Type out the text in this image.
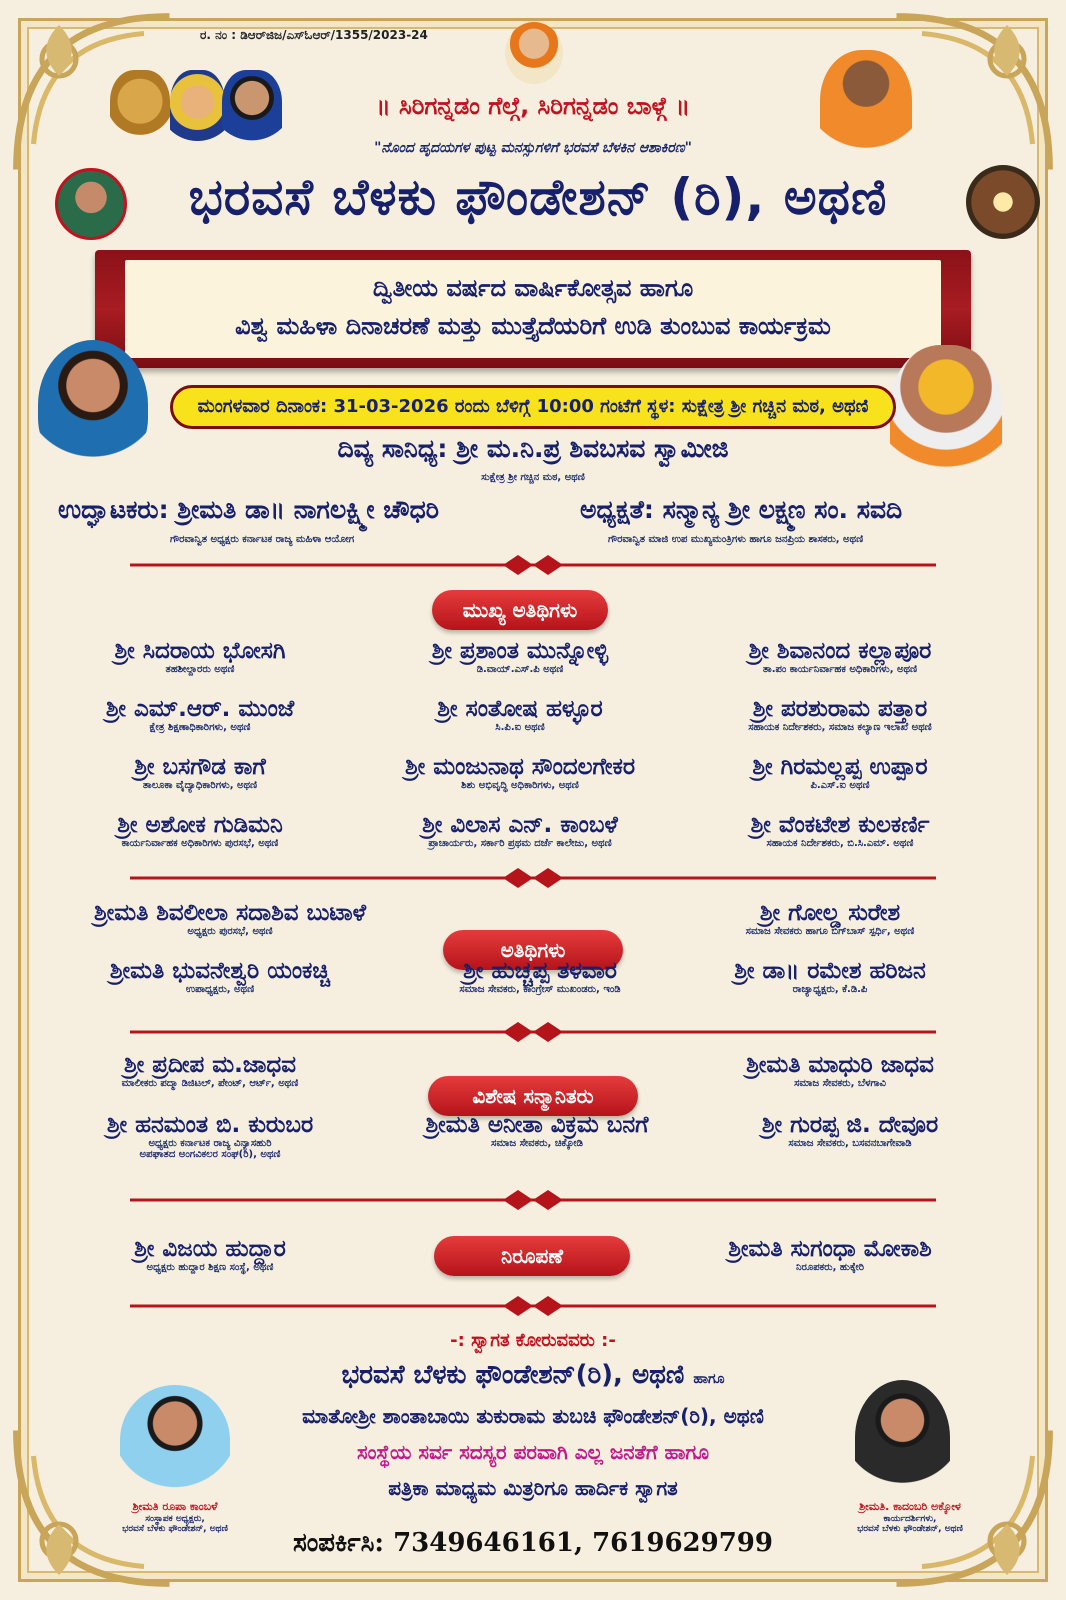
ರ. ನಂ : ಡಿಆರ್‌ಜಿಜ/ಎಸ್‌ಓಆರ್/1355/2023-24
॥ ಸಿರಿಗನ್ನಡಂ ಗೆಲ್ಗೆ, ಸಿರಿಗನ್ನಡಂ ಬಾಳ್ಗೆ ॥
"ನೊಂದ ಹೃದಯಗಳ ಪುಟ್ಟ ಮನಸ್ಸುಗಳಿಗೆ ಭರವಸೆ ಬೆಳಕಿನ ಆಶಾಕಿರಣ"
ಭರವಸೆ ಬೆಳಕು ಫೌಂಡೇಶನ್ (ರಿ), ಅಥಣಿ
ದ್ವಿತೀಯ ವರ್ಷದ ವಾರ್ಷಿಕೋತ್ಸವ ಹಾಗೂ
ವಿಶ್ವ ಮಹಿಳಾ ದಿನಾಚರಣೆ ಮತ್ತು ಮುತ್ತೈದೆಯರಿಗೆ ಉಡಿ ತುಂಬುವ ಕಾರ್ಯಕ್ರಮ
ಮಂಗಳವಾರ ದಿನಾಂಕ: 31-03-2026 ರಂದು ಬೆಳಿಗ್ಗೆ 10:00 ಗಂಟೆಗೆ ಸ್ಥಳ: ಸುಕ್ಷೇತ್ರ ಶ್ರೀ ಗಚ್ಚಿನ ಮಠ, ಅಥಣಿ
ದಿವ್ಯ ಸಾನಿಧ್ಯ: ಶ್ರೀ ಮ.ನಿ.ಪ್ರ ಶಿವಬಸವ ಸ್ವಾಮೀಜಿ
ಸುಕ್ಷೇತ್ರ ಶ್ರೀ ಗಚ್ಚಿನ ಮಠ, ಅಥಣಿ
ಉದ್ಘಾಟಕರು: ಶ್ರೀಮತಿ ಡಾ॥ ನಾಗಲಕ್ಷ್ಮೀ ಚೌಧರಿ
ಗೌರವಾನ್ವಿತ ಅಧ್ಯಕ್ಷರು ಕರ್ನಾಟಕ ರಾಜ್ಯ ಮಹಿಳಾ ಆಯೋಗ
ಅಧ್ಯಕ್ಷತೆ: ಸನ್ಮಾನ್ಯ ಶ್ರೀ ಲಕ್ಷ್ಮಣ ಸಂ. ಸವದಿ
ಗೌರವಾನ್ವಿತ ಮಾಜಿ ಉಪ ಮುಖ್ಯಮಂತ್ರಿಗಳು ಹಾಗೂ ಜನಪ್ರಿಯ ಶಾಸಕರು, ಅಥಣಿ
ಮುಖ್ಯ ಅತಿಥಿಗಳು
ಶ್ರೀ ಸಿದರಾಯ ಭೋಸಗಿ
ತಹಶೀಲ್ದಾರರು ಅಥಣಿ
ಶ್ರೀ ಪ್ರಶಾಂತ ಮುನ್ನೋಳ್ಳಿ
ಡಿ.ವಾಯ್.ಎಸ್.ಪಿ ಅಥಣಿ
ಶ್ರೀ ಶಿವಾನಂದ ಕಲ್ಲಾಪೂರ
ತಾ.ಪಂ ಕಾರ್ಯನಿರ್ವಾಹಕ ಅಧಿಕಾರಿಗಳು, ಅಥಣಿ
ಶ್ರೀ ಎಮ್.ಆರ್. ಮುಂಜೆ
ಕ್ಷೇತ್ರ ಶಿಕ್ಷಣಾಧಿಕಾರಿಗಳು, ಅಥಣಿ
ಶ್ರೀ ಸಂತೋಷ ಹಳ್ಳೂರ
ಸಿ.ಪಿ.ಐ ಅಥಣಿ
ಶ್ರೀ ಪರಶುರಾಮ ಪತ್ತಾರ
ಸಹಾಯಕ ನಿರ್ದೇಶಕರು, ಸಮಾಜ ಕಲ್ಯಾಣ ಇಲಾಖೆ ಅಥಣಿ
ಶ್ರೀ ಬಸಗೌಡ ಕಾಗೆ
ತಾಲೂಕಾ ವೈದ್ಯಾಧಿಕಾರಿಗಳು, ಅಥಣಿ
ಶ್ರೀ ಮಂಜುನಾಥ ಸೌಂದಲಗೇಕರ
ಶಿಶು ಅಭಿವೃದ್ಧಿ ಅಧಿಕಾರಿಗಳು, ಅಥಣಿ
ಶ್ರೀ ಗಿರಮಲ್ಲಪ್ಪ ಉಪ್ಪಾರ
ಪಿ.ಎಸ್.ಐ ಅಥಣಿ
ಶ್ರೀ ಅಶೋಕ ಗುಡಿಮನಿ
ಕಾರ್ಯನಿರ್ವಾಹಕ ಅಧಿಕಾರಿಗಳು ಪುರಸಭೆ, ಅಥಣಿ
ಶ್ರೀ ವಿಲಾಸ ಎನ್. ಕಾಂಬಳೆ
ಪ್ರಾಚಾರ್ಯರು, ಸರ್ಕಾರಿ ಪ್ರಥಮ ದರ್ಜೆ ಕಾಲೇಜು, ಅಥಣಿ
ಶ್ರೀ ವೆಂಕಟೇಶ ಕುಲಕರ್ಣಿ
ಸಹಾಯಕ ನಿರ್ದೇಶಕರು, ಬಿ.ಸಿ.ಎಮ್. ಅಥಣಿ
ಅತಿಥಿಗಳು
ಶ್ರೀಮತಿ ಶಿವಲೀಲಾ ಸದಾಶಿವ ಬುಟಾಳೆ
ಅಧ್ಯಕ್ಷರು ಪುರಸಭೆ, ಅಥಣಿ
ಶ್ರೀ ಗೋಲ್ಡ ಸುರೇಶ
ಸಮಾಜ ಸೇವಕರು ಹಾಗೂ ಬಿಗ್‌ಬಾಸ್ ಸ್ಪರ್ಧಿ, ಅಥಣಿ
ಶ್ರೀಮತಿ ಭುವನೇಶ್ವರಿ ಯಂಕಚ್ಚಿ
ಉಪಾಧ್ಯಕ್ಷರು, ಅಥಣಿ
ಶ್ರೀ ಹುಚ್ಚಪ್ಪ ತಳವಾರ
ಸಮಾಜ ಸೇವಕರು, ಕಾಂಗ್ರೇಸ್ ಮುಖಂಡರು, ಇಂಡಿ
ಶ್ರೀ ಡಾ॥ ರಮೇಶ ಹರಿಜನ
ರಾಜ್ಯಾಧ್ಯಕ್ಷರು, ಕೆ.ಡಿ.ಪಿ
ವಿಶೇಷ ಸನ್ಮಾನಿತರು
ಶ್ರೀ ಪ್ರದೀಪ ಮ.ಜಾಧವ
ಮಾಲೀಕರು ಪದ್ಮಾ ಡಿಜಿಟಲ್, ಪೇಂಟ್, ಆರ್ಟ್, ಅಥಣಿ
ಶ್ರೀಮತಿ ಮಾಧುರಿ ಜಾಧವ
ಸಮಾಜ ಸೇವಕರು, ಬೆಳಗಾವಿ
ಶ್ರೀ ಹನಮಂತ ಬಿ. ಕುರುಬರ
ಅಧ್ಯಕ್ಷರು ಕರ್ನಾಟಕ ರಾಜ್ಯ ವಿನ್ಯಾಸಹುರಿ
ಅಪಘಾತದ ಅಂಗವಿಕಲರ ಸಂಘ(ರಿ), ಅಥಣಿ
ಶ್ರೀಮತಿ ಅನೀತಾ ವಿಕ್ರಮ ಬನಗೆ
ಸಮಾಜ ಸೇವಕರು, ಚಿಕ್ಕೋಡಿ
ಶ್ರೀ ಗುರಪ್ಪ ಜಿ. ದೇವೂರ
ಸಮಾಜ ಸೇವಕರು, ಬಸವನಬಾಗೇವಾಡಿ
ನಿರೂಪಣೆ
ಶ್ರೀ ವಿಜಯ ಹುದ್ದಾರ
ಅಧ್ಯಕ್ಷರು ಹುದ್ದಾರ ಶಿಕ್ಷಣ ಸಂಸ್ಥೆ, ಅಥಣಿ
ಶ್ರೀಮತಿ ಸುಗಂಧಾ ಮೋಕಾಶಿ
ನಿರೂಪಕರು, ಹುಕ್ಕೇರಿ
-: ಸ್ವಾಗತ ಕೋರುವವರು :-
ಭರವಸೆ ಬೆಳಕು ಫೌಂಡೇಶನ್(ರಿ), ಅಥಣಿ ಹಾಗೂ
ಮಾತೋಶ್ರೀ ಶಾಂತಾಬಾಯಿ ತುಕುರಾಮ ತುಬಚಿ ಫೌಂಡೇಶನ್(ರಿ), ಅಥಣಿ
ಸಂಸ್ಥೆಯ ಸರ್ವ ಸದಸ್ಯರ ಪರವಾಗಿ ಎಲ್ಲ ಜನತೆಗೆ ಹಾಗೂ
ಪತ್ರಿಕಾ ಮಾಧ್ಯಮ ಮಿತ್ರರಿಗೂ ಹಾರ್ದಿಕ ಸ್ವಾಗತ
ಶ್ರೀಮತಿ ರೂಪಾ ಕಾಂಬಳೆ
ಸಂಸ್ಥಾಪಕ ಅಧ್ಯಕ್ಷರು,
ಭರವಸೆ ಬೆಳಕು ಫೌಂಡೇಶನ್, ಅಥಣಿ
ಶ್ರೀಮತಿ. ಕಾದಂಬರಿ ಅಕ್ಕೋಳ
ಕಾರ್ಯದರ್ಶಿಗಳು,
ಭರವಸೆ ಬೆಳಕು ಫೌಂಡೇಶನ್, ಅಥಣಿ
ಸಂಪರ್ಕಿಸಿ: 7349646161, 7619629799
